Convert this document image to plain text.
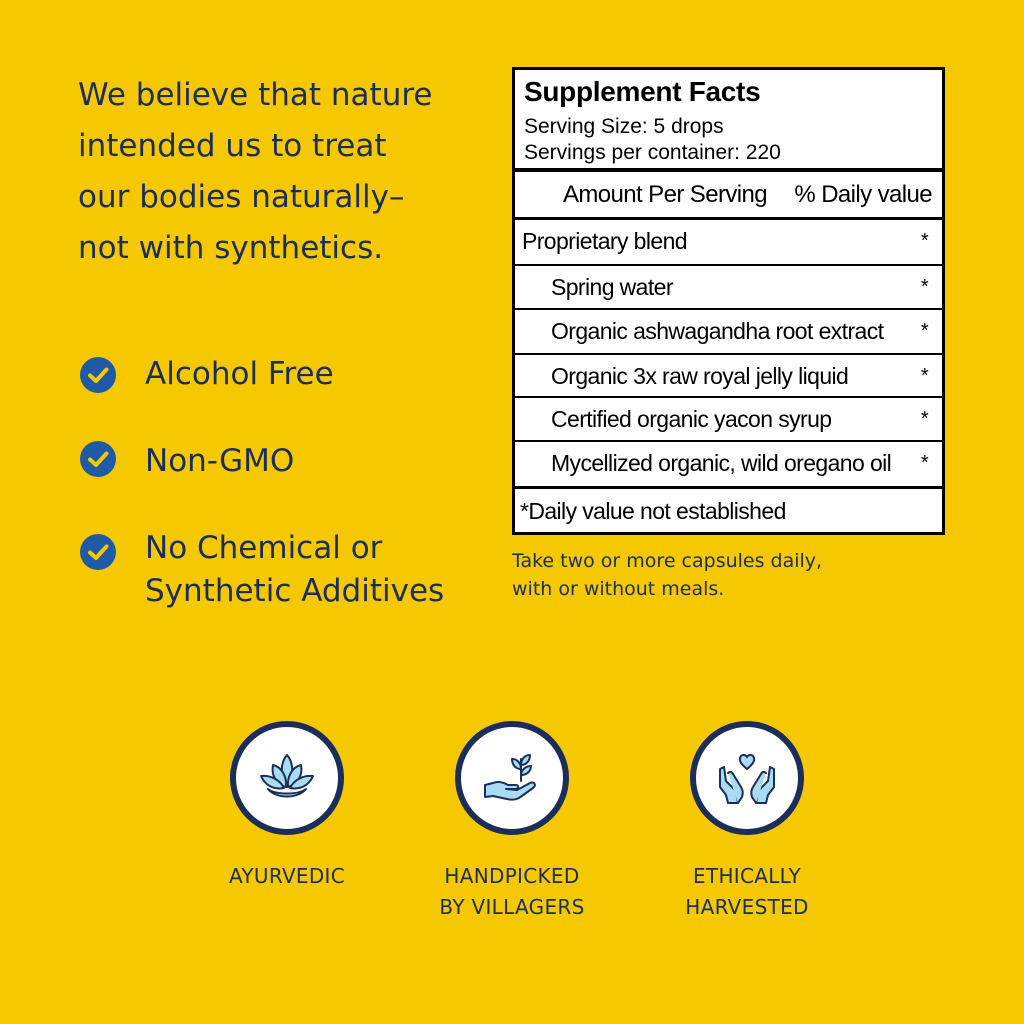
We believe that nature
intended us to treat
our bodies naturally–
not with synthetics.
Alcohol Free
Non-GMO
No Chemical or
Synthetic Additives
Supplement Facts
Serving Size: 5 drops
Servings per container: 220
Amount Per Serving % Daily value
Proprietary blend	*
Spring water	*
Organic ashwagandha root extract *
Organic 3x raw royal jelly liquid	*
Certified organic yacon syrup	*
Mycellized organic, wild oregano oil *
*Daily value not established
Take two or more capsules daily,
with or without meals.
AYURVEDIC	HANDPICKED
BY VILLAGERS
ETHICALLY
HARVESTED
